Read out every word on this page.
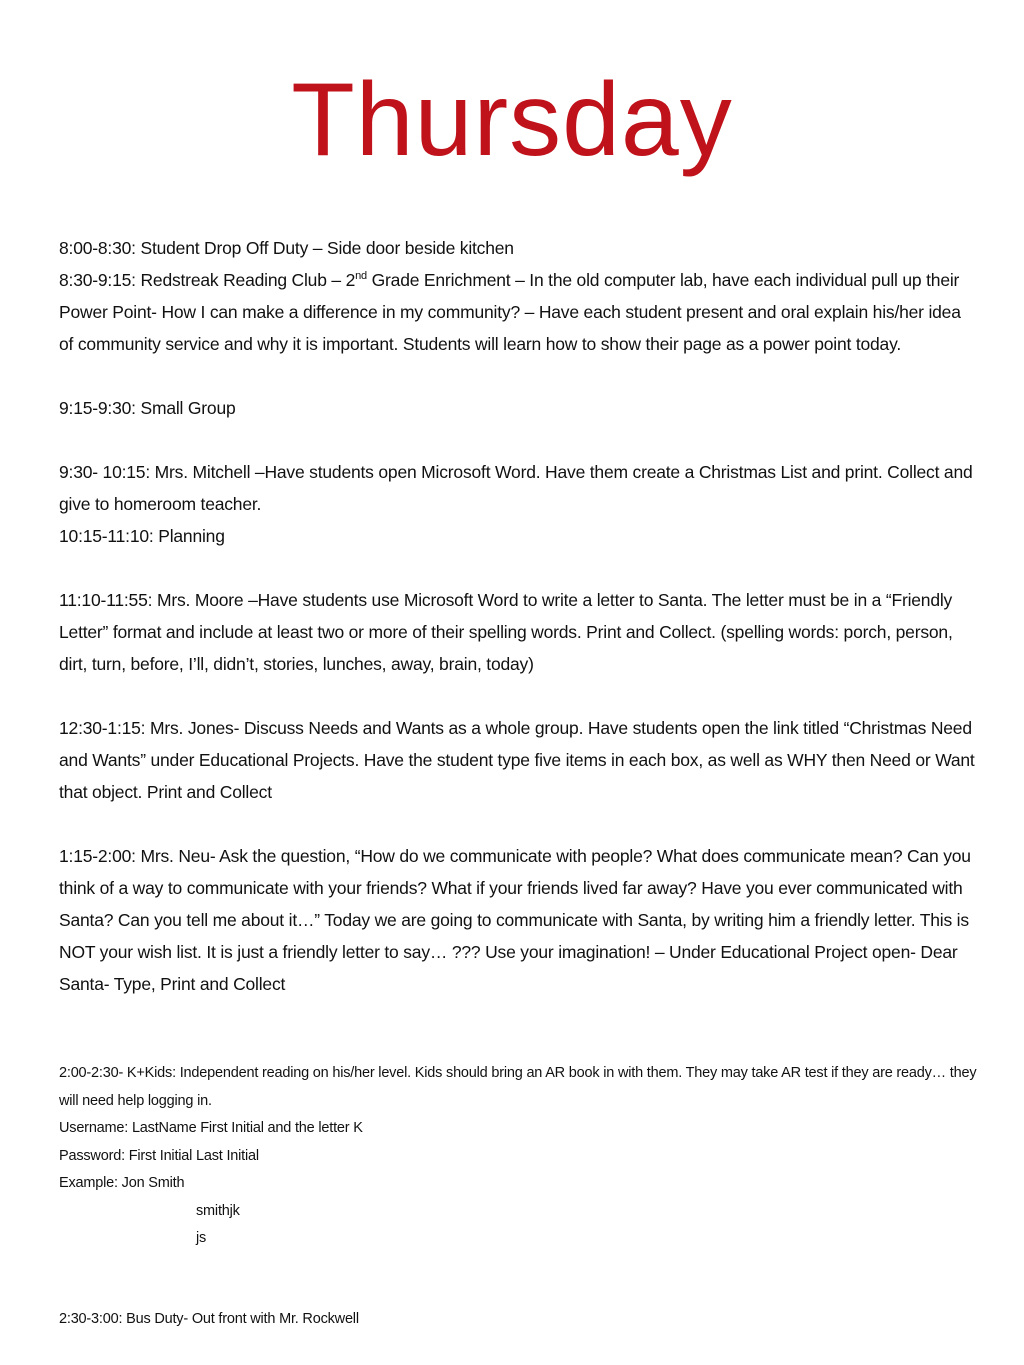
Thursday

8:00-8:30: Student Drop Off Duty – Side door beside kitchen

8:30-9:15: Redstreak Reading Club – 2nd Grade Enrichment – In the old computer lab, have each individual pull up their Power Point- How I can make a difference in my community? – Have each student present and oral explain his/her idea of community service and why it is important. Students will learn how to show their page as a power point today.

9:15-9:30: Small Group

9:30- 10:15: Mrs. Mitchell –Have students open Microsoft Word. Have them create a Christmas List and print. Collect and give to homeroom teacher.

10:15-11:10: Planning

11:10-11:55: Mrs. Moore –Have students use Microsoft Word to write a letter to Santa. The letter must be in a “Friendly Letter” format and include at least two or more of their spelling words. Print and Collect. (spelling words: porch, person, dirt, turn, before, I’ll, didn’t, stories, lunches, away, brain, today)

12:30-1:15: Mrs. Jones- Discuss Needs and Wants as a whole group. Have students open the link titled “Christmas Need and Wants” under Educational Projects. Have the student type five items in each box, as well as WHY then Need or Want that object. Print and Collect

1:15-2:00: Mrs. Neu- Ask the question, “How do we communicate with people? What does communicate mean? Can you think of a way to communicate with your friends? What if your friends lived far away? Have you ever communicated with Santa? Can you tell me about it…” Today we are going to communicate with Santa, by writing him a friendly letter. This is NOT your wish list. It is just a friendly letter to say… ??? Use your imagination! – Under Educational Project open- Dear Santa- Type, Print and Collect

2:00-2:30- K+Kids: Independent reading on his/her level. Kids should bring an AR book in with them. They may take AR test if they are ready… they will need help logging in.

Username: LastName First Initial and the letter K

Password: First Initial Last Initial

Example: Jon Smith

smithjk

js

2:30-3:00: Bus Duty- Out front with Mr. Rockwell
